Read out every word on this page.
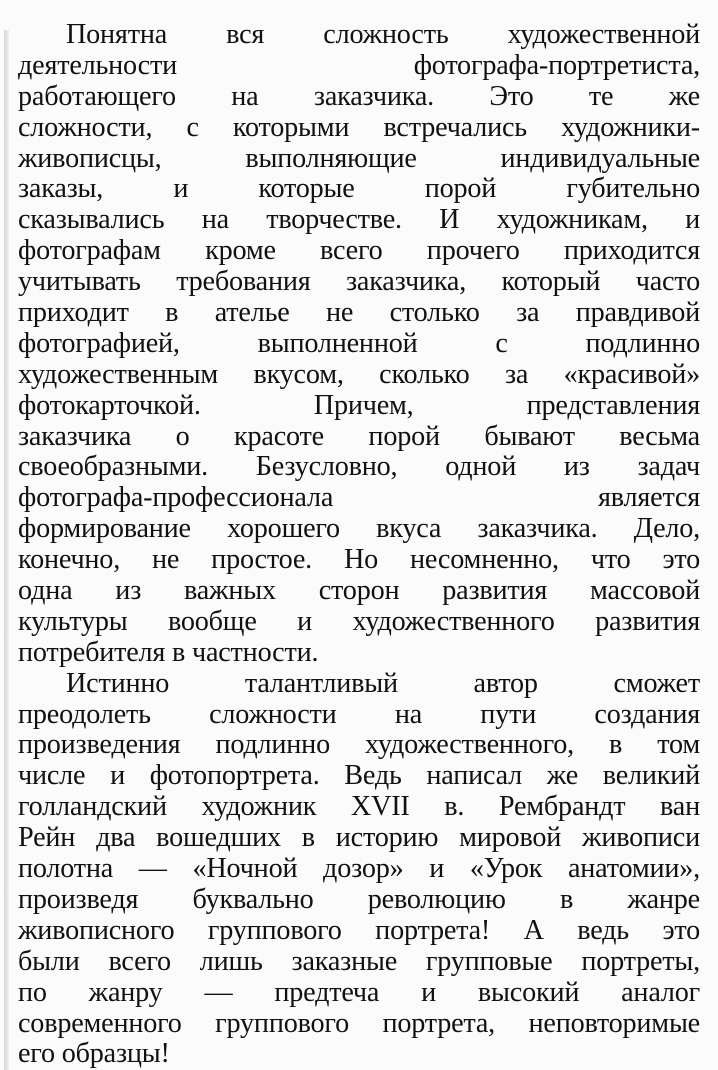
Понятна вся сложность художественной
деятельности фотографа-портретиста,
работающего на заказчика. Это те же
сложности, с которыми встречались художники-
живописцы, выполняющие индивидуальные
заказы, и которые порой губительно
сказывались на творчестве. И художникам, и
фотографам кроме всего прочего приходится
учитывать требования заказчика, который часто
приходит в ателье не столько за правдивой
фотографией, выполненной с подлинно
художественным вкусом, сколько за «красивой»
фотокарточкой. Причем, представления
заказчика о красоте порой бывают весьма
своеобразными. Безусловно, одной из задач
фотографа-профессионала является
формирование хорошего вкуса заказчика. Дело,
конечно, не простое. Но несомненно, что это
одна из важных сторон развития массовой
культуры вообще и художественного развития
потребителя в частности.
Истинно талантливый автор сможет
преодолеть сложности на пути создания
произведения подлинно художественного, в том
числе и фотопортрета. Ведь написал же великий
голландский художник XVII в. Рембрандт ван
Рейн два вошедших в историю мировой живописи
полотна — «Ночной дозор» и «Урок анатомии»,
произведя буквально революцию в жанре
живописного группового портрета! А ведь это
были всего лишь заказные групповые портреты,
по жанру — предтеча и высокий аналог
современного группового портрета, неповторимые
его образцы!
